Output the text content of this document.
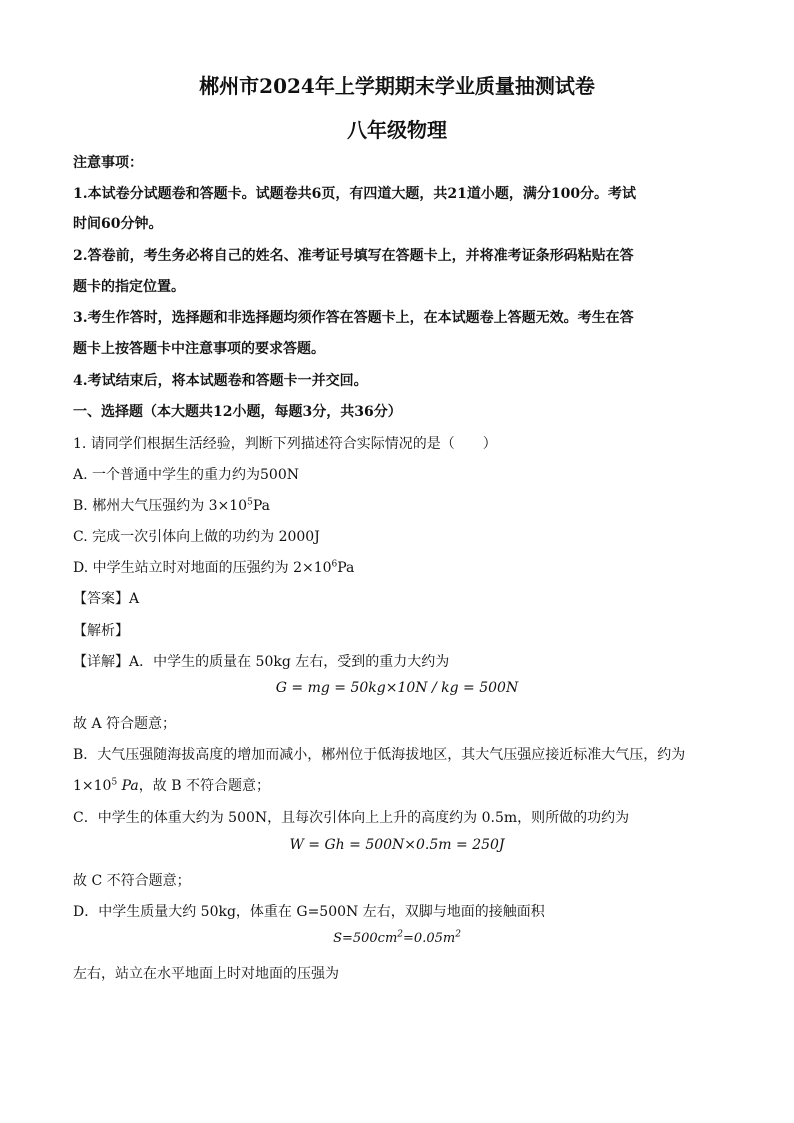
郴州市2024年上学期期末学业质量抽测试卷
八年级物理
注意事项：
1.本试卷分试题卷和答题卡。试题卷共6页，有四道大题，共21道小题，满分100分。考试
时间60分钟。
2.答卷前，考生务必将自己的姓名、准考证号填写在答题卡上，并将准考证条形码粘贴在答
题卡的指定位置。
3.考生作答时，选择题和非选择题均须作答在答题卡上，在本试题卷上答题无效。考生在答
题卡上按答题卡中注意事项的要求答题。
4.考试结束后，将本试题卷和答题卡一并交回。
一、选择题（本大题共12小题，每题3分，共36分）
1. 请同学们根据生活经验，判断下列描述符合实际情况的是（　　）
A. 一个普通中学生的重力约为500N
B. 郴州大气压强约为 $3\times 10^5Pa$
C. 完成一次引体向上做的功约为 2000J
D. 中学生站立时对地面的压强约为 $2\times 10^6Pa$
【答案】A
【解析】
【详解】A．中学生的质量在 50kg 左右，受到的重力大约为
G = mg = 50kg×10N / kg = 500N
故 A 符合题意；
B．大气压强随海拔高度的增加而减小，郴州位于低海拔地区，其大气压强应接近标准大气压，约为
$1\times 10^5$ Pa，故 B 不符合题意；
C．中学生的体重大约为 500N，且每次引体向上上升的高度约为 0.5m，则所做的功约为
W = Gh = 500N×0.5m = 250J
故 C 不符合题意；
D．中学生质量大约 50kg，体重在 G=500N 左右，双脚与地面的接触面积
$S=500cm^2=0.05m^2$
左右，站立在水平地面上时对地面的压强为
